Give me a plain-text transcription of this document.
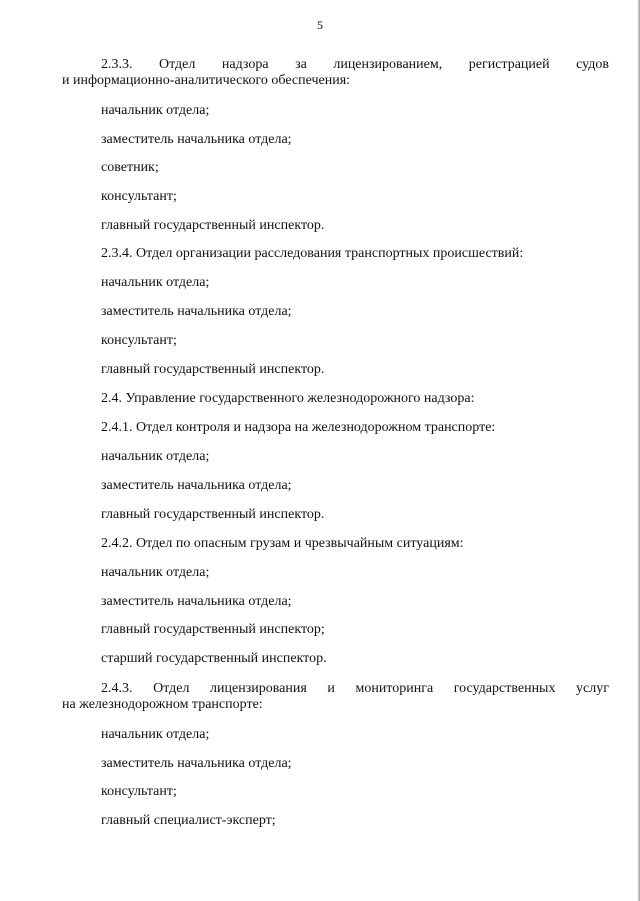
5
2.3.3. Отдел надзора за лицензированием, регистрацией судов
и информационно-аналитического обеспечения:
начальник отдела;
заместитель начальника отдела;
советник;
консультант;
главный государственный инспектор.
2.3.4. Отдел организации расследования транспортных происшествий:
начальник отдела;
заместитель начальника отдела;
консультант;
главный государственный инспектор.
2.4. Управление государственного железнодорожного надзора:
2.4.1. Отдел контроля и надзора на железнодорожном транспорте:
начальник отдела;
заместитель начальника отдела;
главный государственный инспектор.
2.4.2. Отдел по опасным грузам и чрезвычайным ситуациям:
начальник отдела;
заместитель начальника отдела;
главный государственный инспектор;
старший государственный инспектор.
2.4.3. Отдел лицензирования и мониторинга государственных услуг
на железнодорожном транспорте:
начальник отдела;
заместитель начальника отдела;
консультант;
главный специалист-эксперт;
